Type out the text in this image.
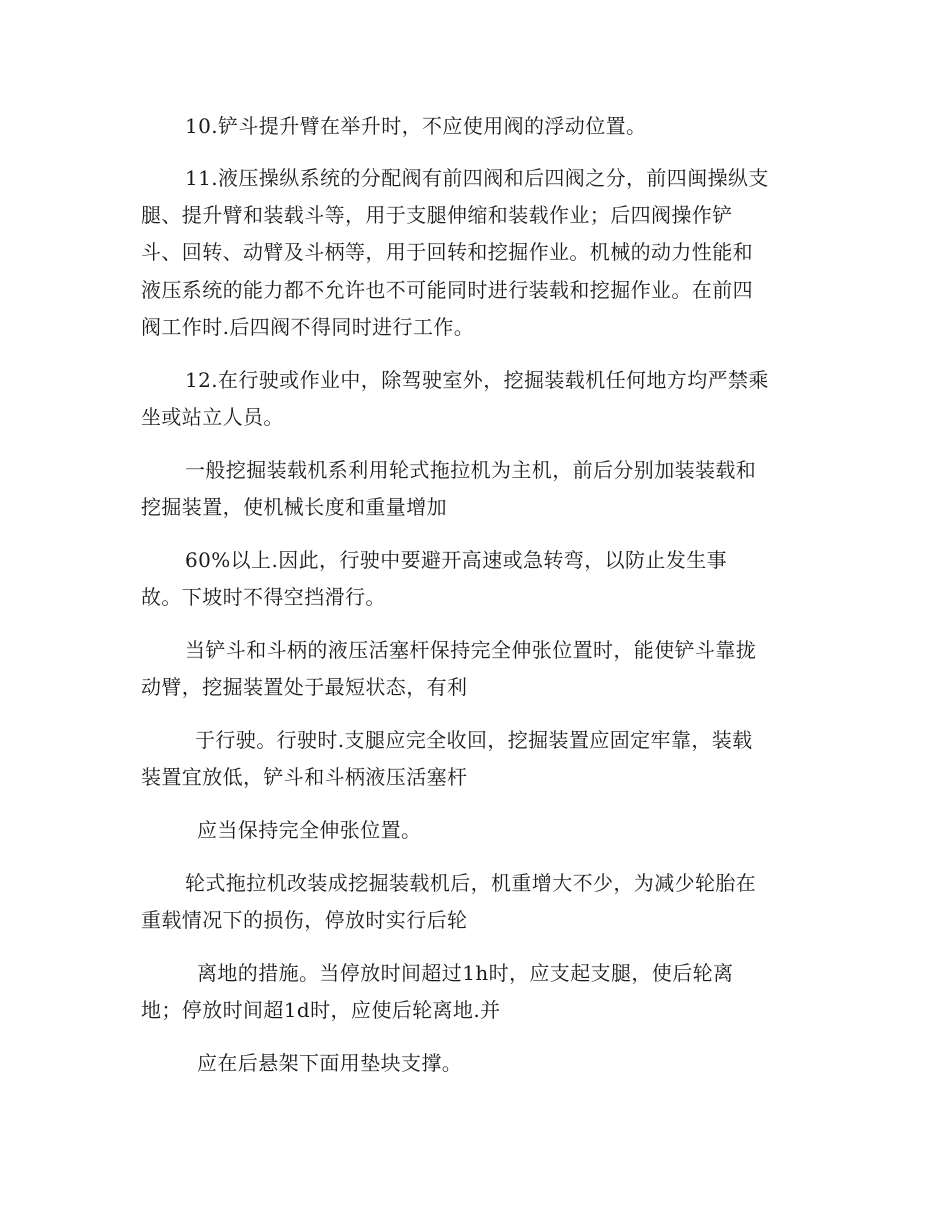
10.铲斗提升臂在举升时，不应使用阀的浮动位置。
11.液压操纵系统的分配阀有前四阀和后四阀之分，前四闽操纵支
腿、提升臂和装载斗等，用于支腿伸缩和装载作业；后四阀操作铲
斗、回转、动臂及斗柄等，用于回转和挖掘作业。机械的动力性能和
液压系统的能力都不允许也不可能同时进行装载和挖掘作业。在前四
阀工作时.后四阀不得同时进行工作。
12.在行驶或作业中，除驾驶室外，挖掘装载机任何地方均严禁乘
坐或站立人员。
一般挖掘装载机系利用轮式拖拉机为主机，前后分别加装装载和
挖掘装置，使机械长度和重量增加
60%以上.因此，行驶中要避开高速或急转弯，以防止发生事
故。下坡时不得空挡滑行。
当铲斗和斗柄的液压活塞杆保持完全伸张位置时，能使铲斗靠拢
动臂，挖掘装置处于最短状态，有利
于行驶。行驶时.支腿应完全收回，挖掘装置应固定牢靠，装载
装置宜放低，铲斗和斗柄液压活塞杆
应当保持完全伸张位置。
轮式拖拉机改装成挖掘装载机后，机重增大不少，为减少轮胎在
重载情况下的损伤，停放时实行后轮
离地的措施。当停放时间超过1h时，应支起支腿，使后轮离
地；停放时间超1d时，应使后轮离地.并
应在后悬架下面用垫块支撑。
